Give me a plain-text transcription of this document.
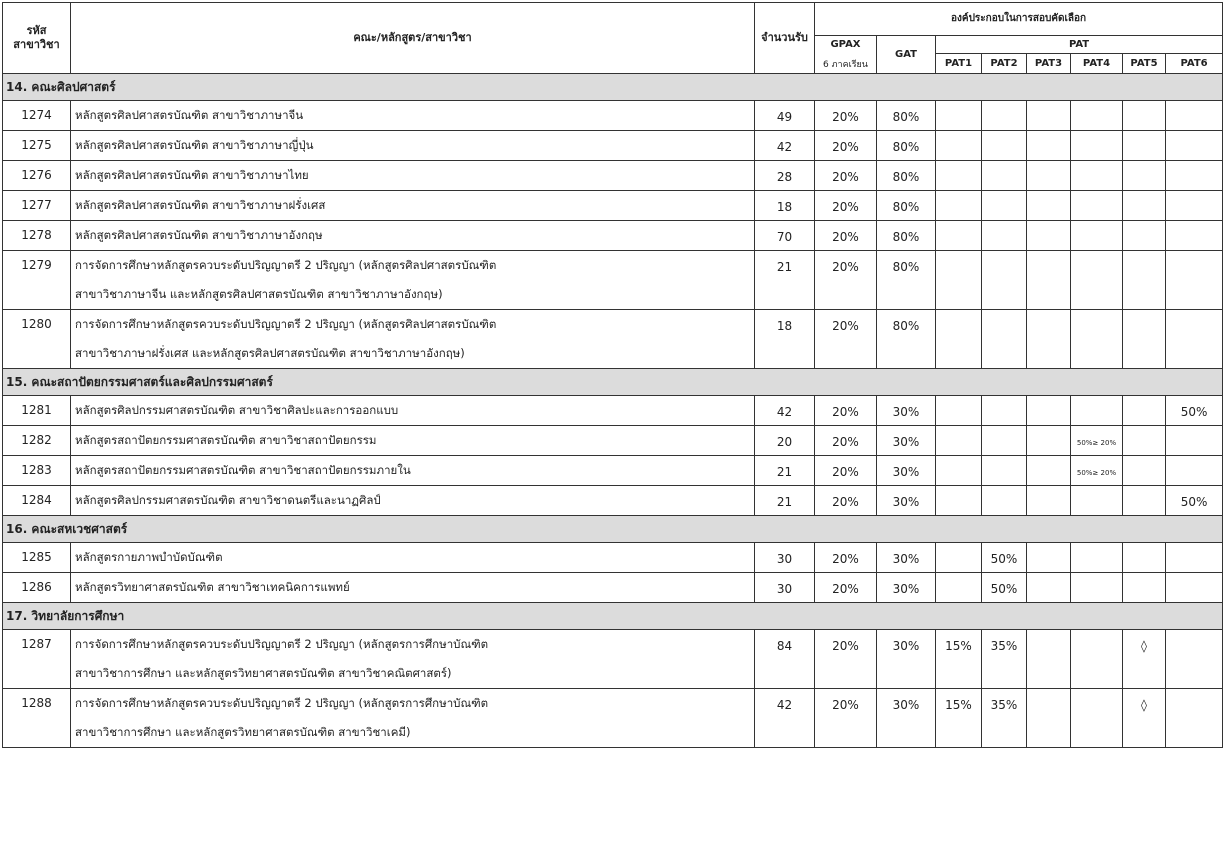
รหัส
สาขาวิชา	คณะ/หลักสูตร/สาขาวิชา	จำนวนรับ	องค์ประกอบในการสอบคัดเลือก							

			GPAX
6 ภาคเรียน	GAT	PAT					
					PAT1	PAT2	PAT3	PAT4	PAT5	PAT6
14. คณะศิลปศาสตร์										
1274	หลักสูตรศิลปศาสตรบัณฑิต สาขาวิชาภาษาจีน	49	20%	80%						
1275	หลักสูตรศิลปศาสตรบัณฑิต สาขาวิชาภาษาญี่ปุ่น	42	20%	80%						
1276	หลักสูตรศิลปศาสตรบัณฑิต สาขาวิชาภาษาไทย	28	20%	80%						
1277	หลักสูตรศิลปศาสตรบัณฑิต สาขาวิชาภาษาฝรั่งเศส	18	20%	80%						
1278	หลักสูตรศิลปศาสตรบัณฑิต สาขาวิชาภาษาอังกฤษ	70	20%	80%						
1279	การจัดการศึกษาหลักสูตรควบระดับปริญญาตรี 2 ปริญญา (หลักสูตรศิลปศาสตรบัณฑิต
สาขาวิชาภาษาจีน และหลักสูตรศิลปศาสตรบัณฑิต สาขาวิชาภาษาอังกฤษ)	21	20%	80%						
1280	การจัดการศึกษาหลักสูตรควบระดับปริญญาตรี 2 ปริญญา (หลักสูตรศิลปศาสตรบัณฑิต
สาขาวิชาภาษาฝรั่งเศส และหลักสูตรศิลปศาสตรบัณฑิต สาขาวิชาภาษาอังกฤษ)	18	20%	80%						
15. คณะสถาปัตยกรรมศาสตร์และศิลปกรรมศาสตร์										
1281	หลักสูตรศิลปกรรมศาสตรบัณฑิต สาขาวิชาศิลปะและการออกแบบ	42	20%	30%						50%
1282	หลักสูตรสถาปัตยกรรมศาสตรบัณฑิต สาขาวิชาสถาปัตยกรรม	20	20%	30%				50%≥ 20%		
1283	หลักสูตรสถาปัตยกรรมศาสตรบัณฑิต สาขาวิชาสถาปัตยกรรมภายใน	21	20%	30%				50%≥ 20%		
1284	หลักสูตรศิลปกรรมศาสตรบัณฑิต สาขาวิชาดนตรีและนาฏศิลป์	21	20%	30%						50%
16. คณะสหเวชศาสตร์										
1285	หลักสูตรกายภาพบำบัดบัณฑิต	30	20%	30%		50%				
1286	หลักสูตรวิทยาศาสตรบัณฑิต สาขาวิชาเทคนิคการแพทย์	30	20%	30%		50%				
17. วิทยาลัยการศึกษา										
1287	การจัดการศึกษาหลักสูตรควบระดับปริญญาตรี 2 ปริญญา (หลักสูตรการศึกษาบัณฑิต
สาขาวิชาการศึกษา และหลักสูตรวิทยาศาสตรบัณฑิต สาขาวิชาคณิตศาสตร์)	84	20%	30%	15%	35%			◊	
1288	การจัดการศึกษาหลักสูตรควบระดับปริญญาตรี 2 ปริญญา (หลักสูตรการศึกษาบัณฑิต
สาขาวิชาการศึกษา และหลักสูตรวิทยาศาสตรบัณฑิต สาขาวิชาเคมี)	42	20%	30%	15%	35%			◊	
